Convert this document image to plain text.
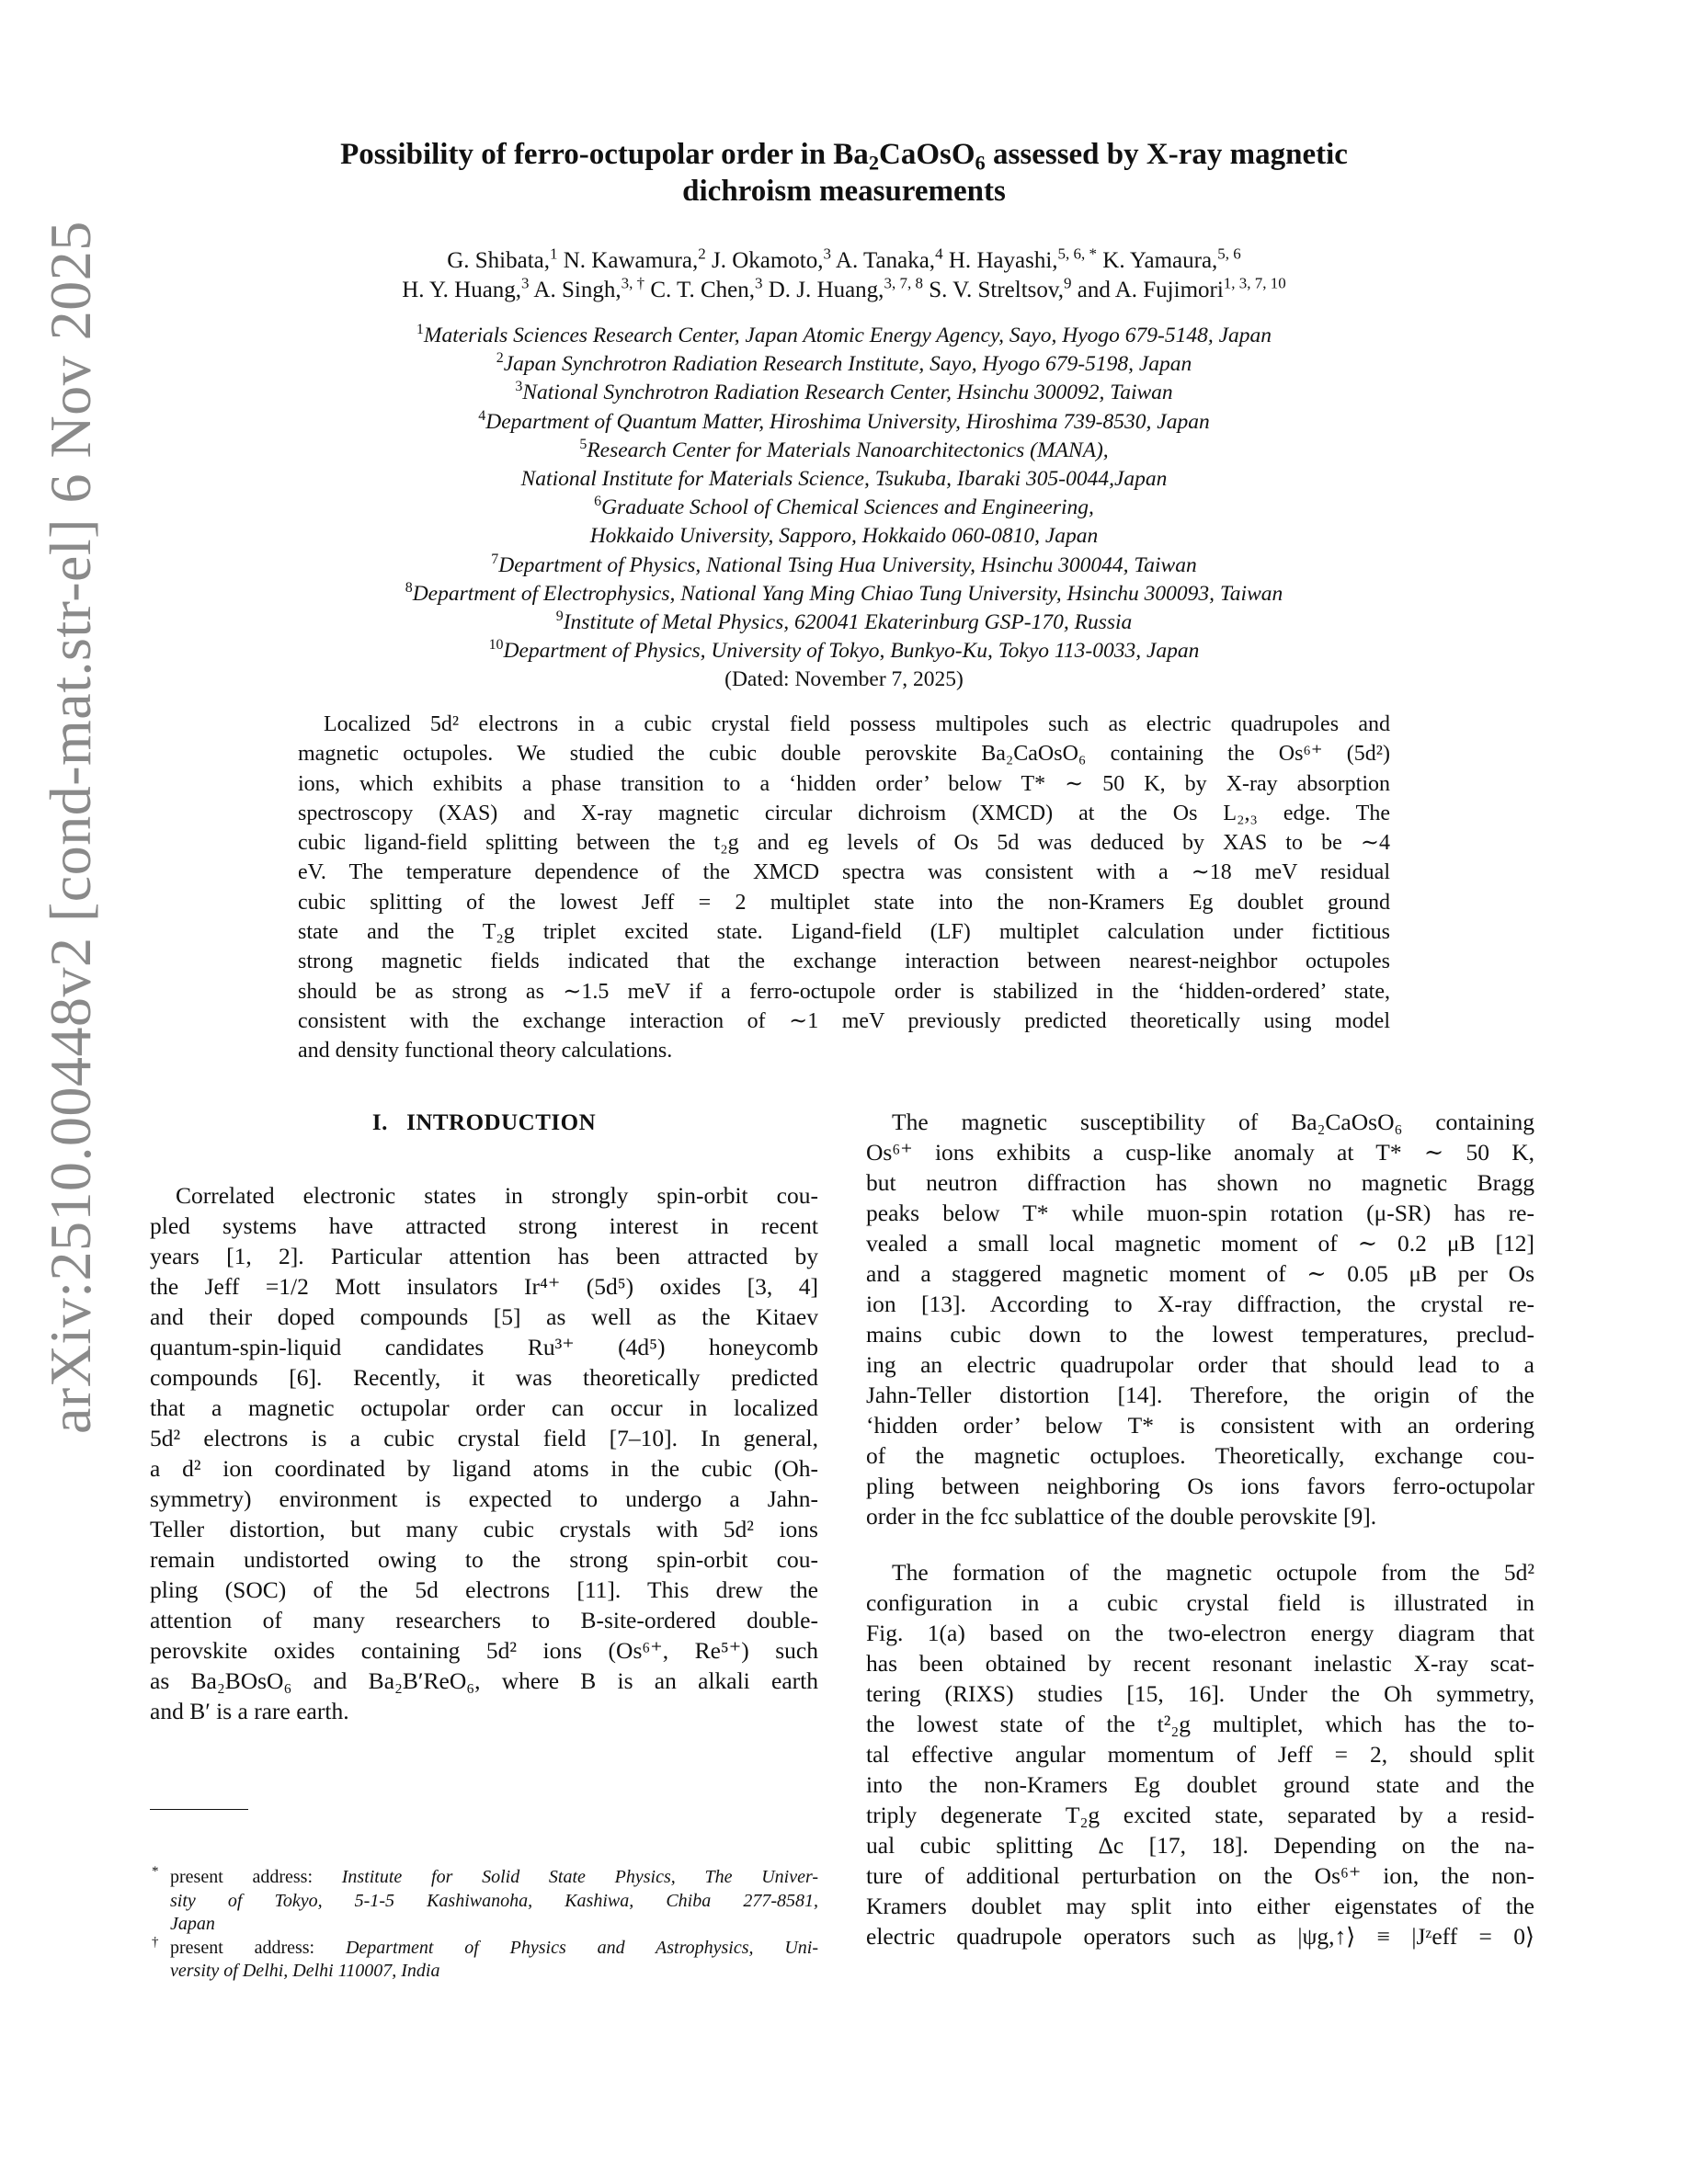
arXiv:2510.00448v2 [cond-mat.str-el] 6 Nov 2025
Possibility of ferro-octupolar order in $Ba_2CaOsO_6$ assessed by X-ray magnetic
dichroism measurements
G. Shibata,$^1$ N. Kawamura,$^2$ J. Okamoto,$^3$ A. Tanaka,$^4$ H. Hayashi,$^{5, 6, *}$ K. Yamaura,$^{5, 6}$
H. Y. Huang,$^3$ A. Singh,$^{3, \dagger}$ C. T. Chen,$^3$ D. J. Huang,$^{3, 7, 8}$ S. V. Streltsov,$^9$ and A. Fujimori$^{1, 3, 7, 10}$
$^1$Materials Sciences Research Center, Japan Atomic Energy Agency, Sayo, Hyogo 679-5148, Japan
$^2$Japan Synchrotron Radiation Research Institute, Sayo, Hyogo 679-5198, Japan
$^3$National Synchrotron Radiation Research Center, Hsinchu 300092, Taiwan
$^4$Department of Quantum Matter, Hiroshima University, Hiroshima 739-8530, Japan
$^5$Research Center for Materials Nanoarchitectonics (MANA),
National Institute for Materials Science, Tsukuba, Ibaraki 305-0044,Japan
$^6$Graduate School of Chemical Sciences and Engineering,
Hokkaido University, Sapporo, Hokkaido 060-0810, Japan
$^7$Department of Physics, National Tsing Hua University, Hsinchu 300044, Taiwan
$^8$Department of Electrophysics, National Yang Ming Chiao Tung University, Hsinchu 300093, Taiwan
$^9$Institute of Metal Physics, 620041 Ekaterinburg GSP-170, Russia
$^{10}$Department of Physics, University of Tokyo, Bunkyo-Ku, Tokyo 113-0033, Japan
(Dated: November 7, 2025)
Localized 5d² electrons in a cubic crystal field possess multipoles such as electric quadrupoles and
magnetic octupoles. We studied the cubic double perovskite Ba₂CaOsO₆ containing the Os⁶⁺ (5d²)
ions, which exhibits a phase transition to a ‘hidden order’ below T* ∼ 50 K, by X-ray absorption
spectroscopy (XAS) and X-ray magnetic circular dichroism (XMCD) at the Os L₂,₃ edge. The
cubic ligand-field splitting between the t₂g and eg levels of Os 5d was deduced by XAS to be ∼4
eV. The temperature dependence of the XMCD spectra was consistent with a ∼18 meV residual
cubic splitting of the lowest Jeff = 2 multiplet state into the non-Kramers Eg doublet ground
state and the T₂g triplet excited state. Ligand-field (LF) multiplet calculation under fictitious
strong magnetic fields indicated that the exchange interaction between nearest-neighbor octupoles
should be as strong as ∼1.5 meV if a ferro-octupole order is stabilized in the ‘hidden-ordered’ state,
consistent with the exchange interaction of ∼1 meV previously predicted theoretically using model
and density functional theory calculations.
I. INTRODUCTION
Correlated electronic states in strongly spin-orbit cou-
pled systems have attracted strong interest in recent
years [1, 2]. Particular attention has been attracted by
the Jeff =1/2 Mott insulators Ir⁴⁺ (5d⁵) oxides [3, 4]
and their doped compounds [5] as well as the Kitaev
quantum-spin-liquid candidates Ru³⁺ (4d⁵) honeycomb
compounds [6]. Recently, it was theoretically predicted
that a magnetic octupolar order can occur in localized
5d² electrons is a cubic crystal field [7–10]. In general,
a d² ion coordinated by ligand atoms in the cubic (Oh-
symmetry) environment is expected to undergo a Jahn-
Teller distortion, but many cubic crystals with 5d² ions
remain undistorted owing to the strong spin-orbit cou-
pling (SOC) of the 5d electrons [11]. This drew the
attention of many researchers to B-site-ordered double-
perovskite oxides containing 5d² ions (Os⁶⁺, Re⁵⁺) such
as Ba₂BOsO₆ and Ba₂B′ReO₆, where B is an alkali earth
and B′ is a rare earth.
* present address: Institute for Solid State Physics, The Univer-
sity of Tokyo, 5-1-5 Kashiwanoha, Kashiwa, Chiba 277-8581,
Japan
† present address: Department of Physics and Astrophysics, Uni-
versity of Delhi, Delhi 110007, India
The magnetic susceptibility of Ba₂CaOsO₆ containing
Os⁶⁺ ions exhibits a cusp-like anomaly at T* ∼ 50 K,
but neutron diffraction has shown no magnetic Bragg
peaks below T* while muon-spin rotation (μ-SR) has re-
vealed a small local magnetic moment of ∼ 0.2 μB [12]
and a staggered magnetic moment of ∼ 0.05 μB per Os
ion [13]. According to X-ray diffraction, the crystal re-
mains cubic down to the lowest temperatures, preclud-
ing an electric quadrupolar order that should lead to a
Jahn-Teller distortion [14]. Therefore, the origin of the
‘hidden order’ below T* is consistent with an ordering
of the magnetic octuploes. Theoretically, exchange cou-
pling between neighboring Os ions favors ferro-octupolar
order in the fcc sublattice of the double perovskite [9].
The formation of the magnetic octupole from the 5d²
configuration in a cubic crystal field is illustrated in
Fig. 1(a) based on the two-electron energy diagram that
has been obtained by recent resonant inelastic X-ray scat-
tering (RIXS) studies [15, 16]. Under the Oh symmetry,
the lowest state of the t²₂g multiplet, which has the to-
tal effective angular momentum of Jeff = 2, should split
into the non-Kramers Eg doublet ground state and the
triply degenerate T₂g excited state, separated by a resid-
ual cubic splitting Δc [17, 18]. Depending on the na-
ture of additional perturbation on the Os⁶⁺ ion, the non-
Kramers doublet may split into either eigenstates of the
electric quadrupole operators such as |ψg,↑⟩ ≡ |Jᶻeff = 0⟩
